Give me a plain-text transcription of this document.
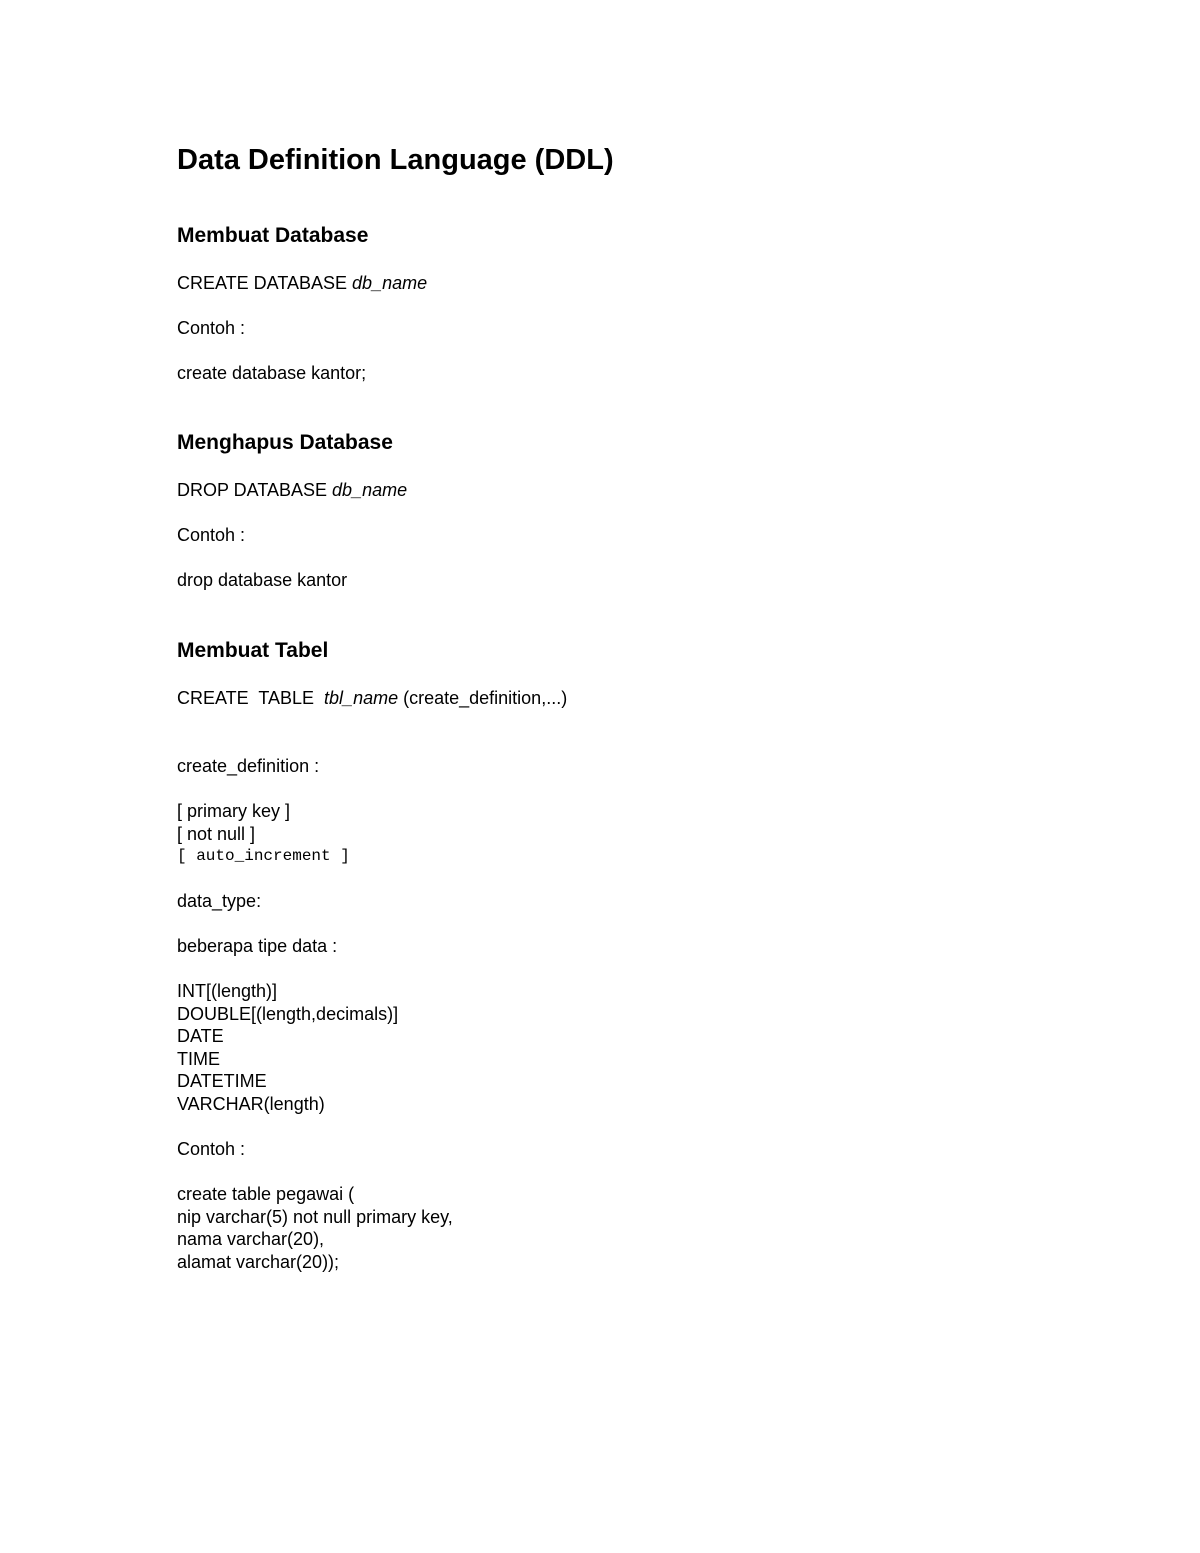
Data Definition Language (DDL)
Membuat Database
CREATE DATABASE db_name
Contoh :
create database kantor;
Menghapus Database
DROP DATABASE db_name
Contoh :
drop database kantor
Membuat Tabel
CREATE  TABLE  tbl_name (create_definition,...)
create_definition :
[ primary key ]
[ not null ]
[ auto_increment ]
data_type:
beberapa tipe data :
INT[(length)]
DOUBLE[(length,decimals)]
DATE
TIME
DATETIME
VARCHAR(length)
Contoh :
create table pegawai (
nip varchar(5) not null primary key,
nama varchar(20),
alamat varchar(20));
